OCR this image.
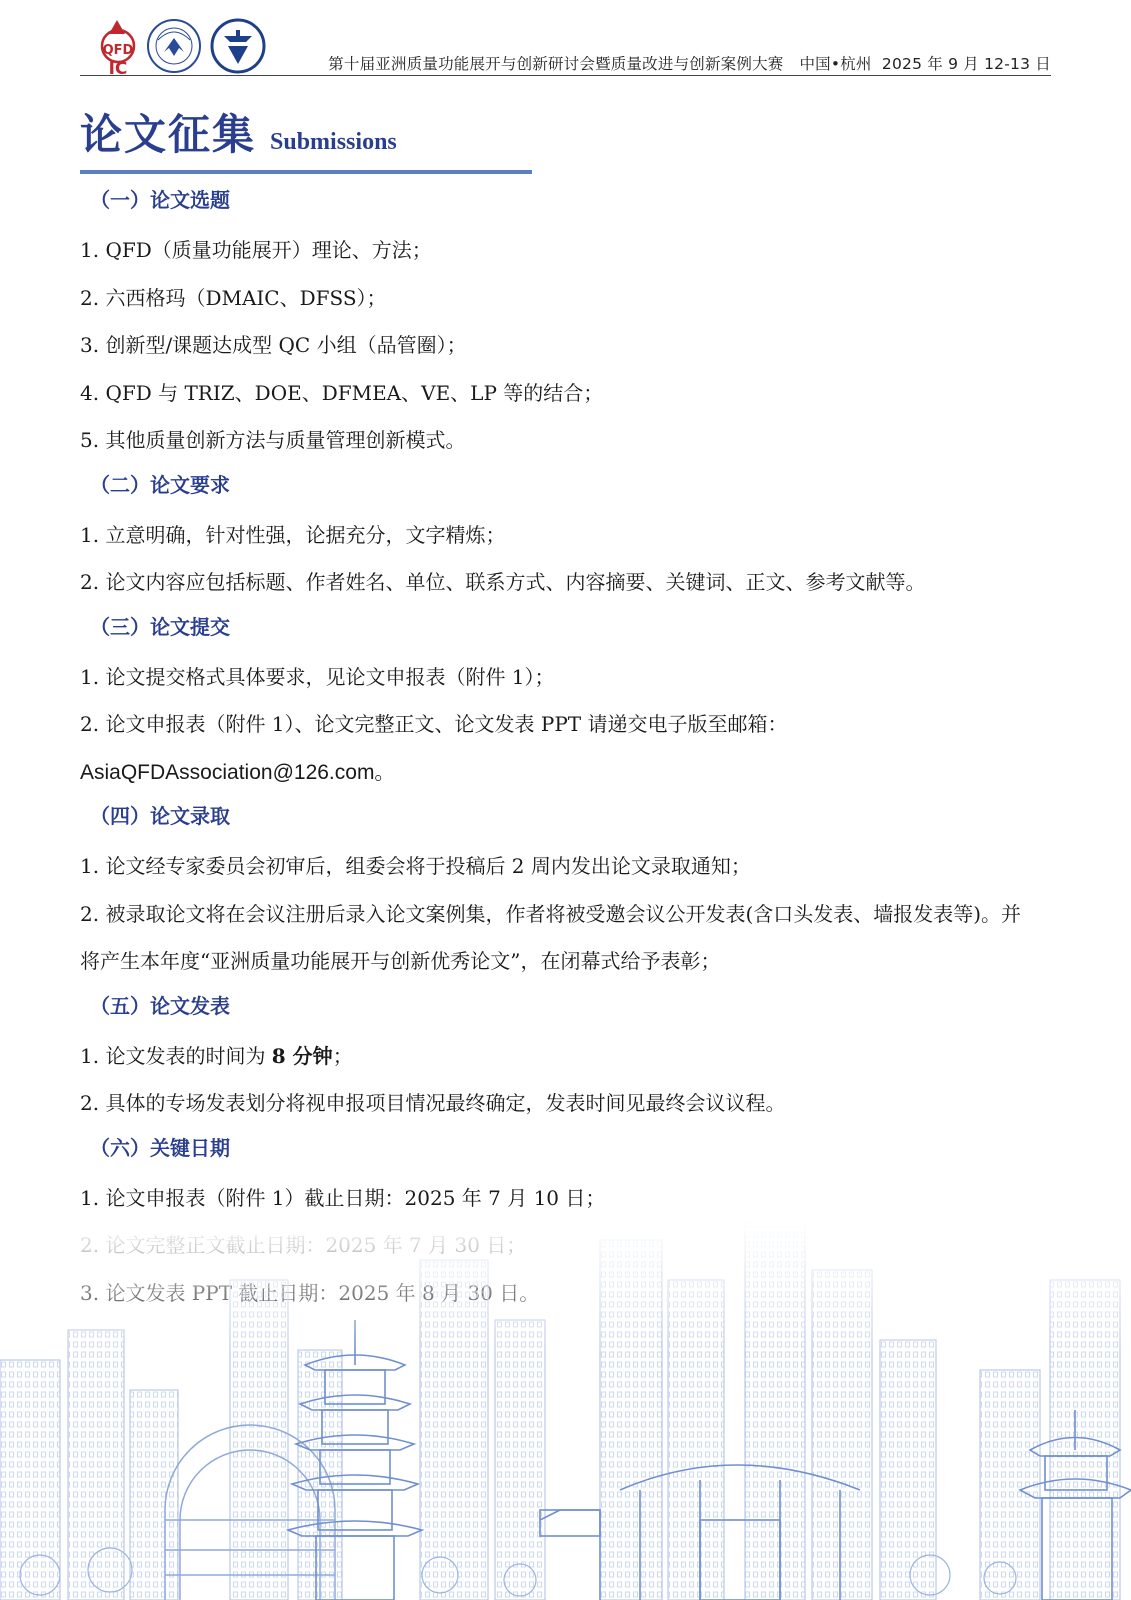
QFD
IC	第十届亚洲质量功能展开与创新研讨会暨质量改进与创新案例大赛 中国•杭州 2025 年 9 月 12-13 日
论文征集 Submissions
（一）论文选题
1. QFD（质量功能展开）理论、方法；
2. 六西格玛（DMAIC、DFSS）；
3. 创新型/课题达成型 QC 小组（品管圈）；
4. QFD 与 TRIZ、DOE、DFMEA、VE、LP 等的结合；
5. 其他质量创新方法与质量管理创新模式。
（二）论文要求
1. 立意明确，针对性强，论据充分，文字精炼；
2. 论文内容应包括标题、作者姓名、单位、联系方式、内容摘要、关键词、正文、参考文献等。
（三）论文提交
1. 论文提交格式具体要求，见论文申报表（附件 1）；
2. 论文申报表（附件 1）、论文完整正文、论文发表 PPT 请递交电子版至邮箱：
AsiaQFDAssociation@126.com。
（四）论文录取
1. 论文经专家委员会初审后，组委会将于投稿后 2 周内发出论文录取通知；
2. 被录取论文将在会议注册后录入论文案例集，作者将被受邀会议公开发表(含口头发表、墙报发表等)。并将产生本年度“亚洲质量功能展开与创新优秀论文”，在闭幕式给予表彰；
（五）论文发表
1. 论文发表的时间为 8 分钟；
2. 具体的专场发表划分将视申报项目情况最终确定，发表时间见最终会议议程。
（六）关键日期
1. 论文申报表（附件 1）截止日期：2025 年 7 月 10 日；
